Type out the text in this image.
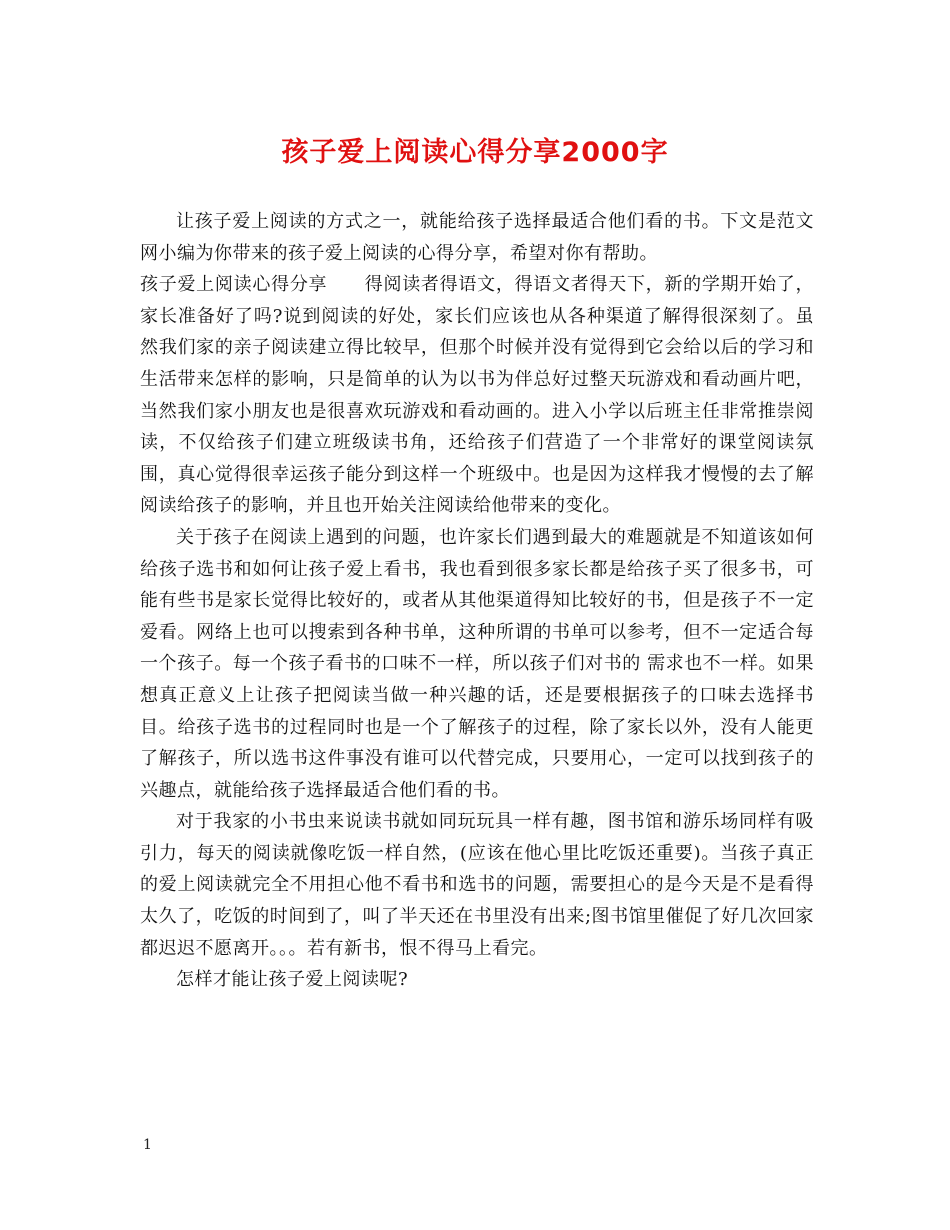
孩子爱上阅读心得分享2000字

让孩子爱上阅读的方式之一，就能给孩子选择最适合他们看的书。下文是范文网小编为你带来的孩子爱上阅读的心得分享，希望对你有帮助。

孩子爱上阅读心得分享　　得阅读者得语文，得语文者得天下，新的学期开始了，家长准备好了吗?说到阅读的好处，家长们应该也从各种渠道了解得很深刻了。虽然我们家的亲子阅读建立得比较早，但那个时候并没有觉得到它会给以后的学习和生活带来怎样的影响，只是简单的认为以书为伴总好过整天玩游戏和看动画片吧，当然我们家小朋友也是很喜欢玩游戏和看动画的。进入小学以后班主任非常推崇阅读，不仅给孩子们建立班级读书角，还给孩子们营造了一个非常好的课堂阅读氛围，真心觉得很幸运孩子能分到这样一个班级中。也是因为这样我才慢慢的去了解阅读给孩子的影响，并且也开始关注阅读给他带来的变化。

关于孩子在阅读上遇到的问题，也许家长们遇到最大的难题就是不知道该如何给孩子选书和如何让孩子爱上看书，我也看到很多家长都是给孩子买了很多书，可能有些书是家长觉得比较好的，或者从其他渠道得知比较好的书，但是孩子不一定爱看。网络上也可以搜索到各种书单，这种所谓的书单可以参考，但不一定适合每一个孩子。每一个孩子看书的口味不一样，所以孩子们对书的 需求也不一样。如果想真正意义上让孩子把阅读当做一种兴趣的话，还是要根据孩子的口味去选择书目。给孩子选书的过程同时也是一个了解孩子的过程，除了家长以外，没有人能更了解孩子，所以选书这件事没有谁可以代替完成，只要用心，一定可以找到孩子的兴趣点，就能给孩子选择最适合他们看的书。

对于我家的小书虫来说读书就如同玩玩具一样有趣，图书馆和游乐场同样有吸引力，每天的阅读就像吃饭一样自然，(应该在他心里比吃饭还重要)。当孩子真正的爱上阅读就完全不用担心他不看书和选书的问题，需要担心的是今天是不是看得太久了，吃饭的时间到了，叫了半天还在书里没有出来;图书馆里催促了好几次回家都迟迟不愿离开。。。若有新书，恨不得马上看完。

怎样才能让孩子爱上阅读呢?

1
